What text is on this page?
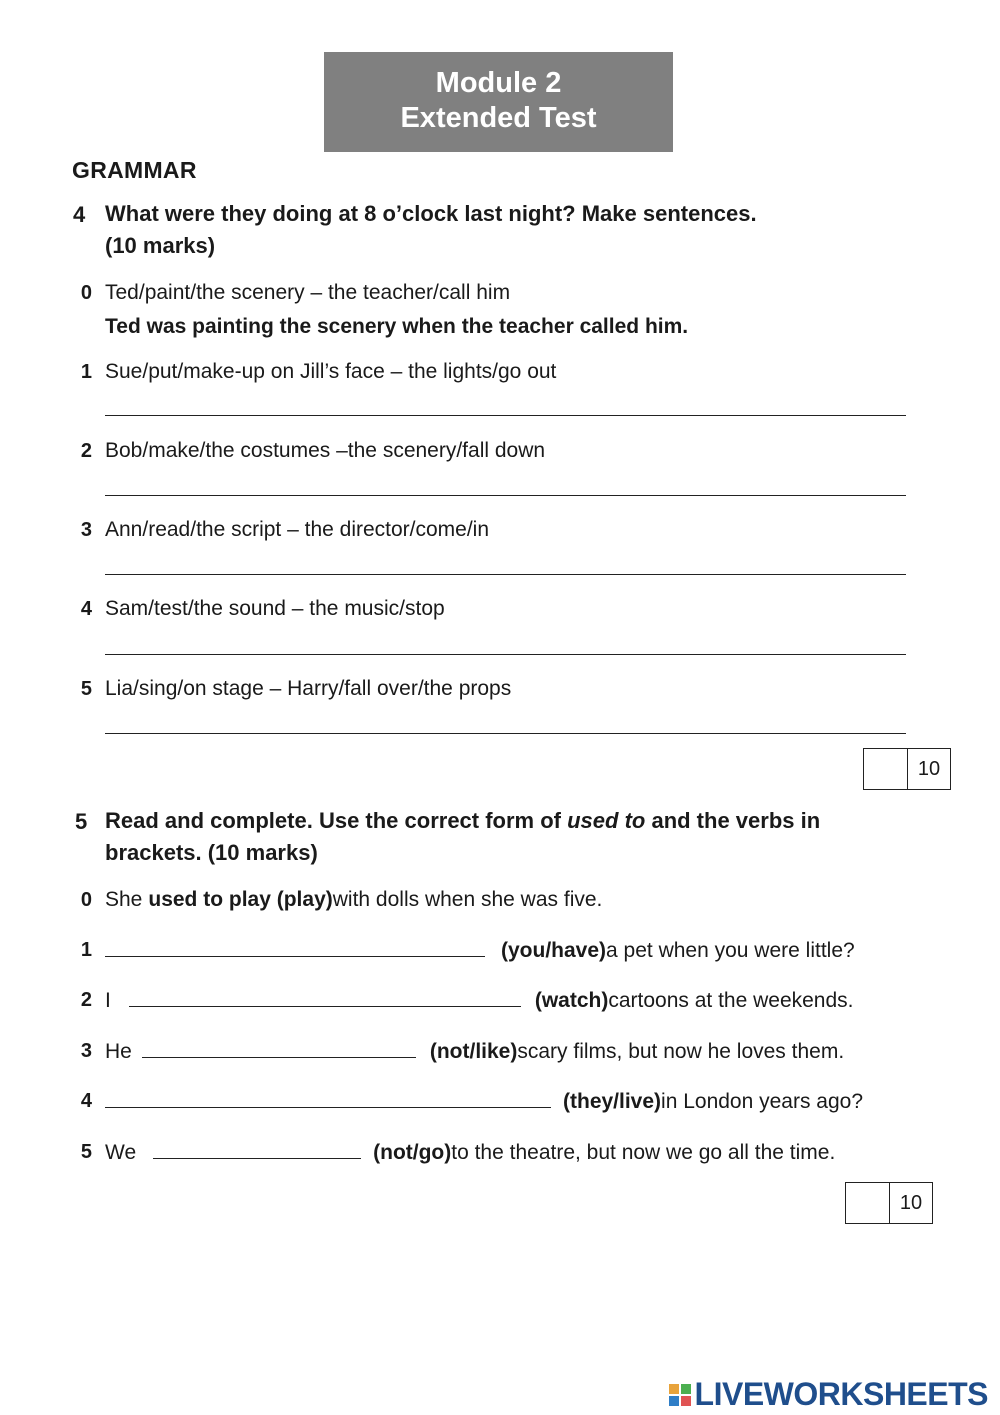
Module 2
Extended Test
GRAMMAR
4 What were they doing at 8 o’clock last night? Make sentences.
(10 marks)
0 Ted/paint/the scenery – the teacher/call him
Ted was painting the scenery when the teacher called him.
1 Sue/put/make-up on Jill’s face – the lights/go out
2 Bob/make/the costumes –the scenery/fall down
3 Ann/read/the script – the director/come/in
4 Sam/test/the sound – the music/stop
5 Lia/sing/on stage – Harry/fall over/the props
10
5 Read and complete. Use the correct form of used to and the verbs in
brackets. (10 marks)
0 She used to play (play) with dolls when she was five.
1	(you/have) a pet when you were little?
2 I	(watch) cartoons at the weekends.
3 He	(not/like) scary films, but now he loves them.
4	(they/live) in London years ago?
5 We	(not/go) to the theatre, but now we go all the time.
10
LIVEWORKSHEETS
